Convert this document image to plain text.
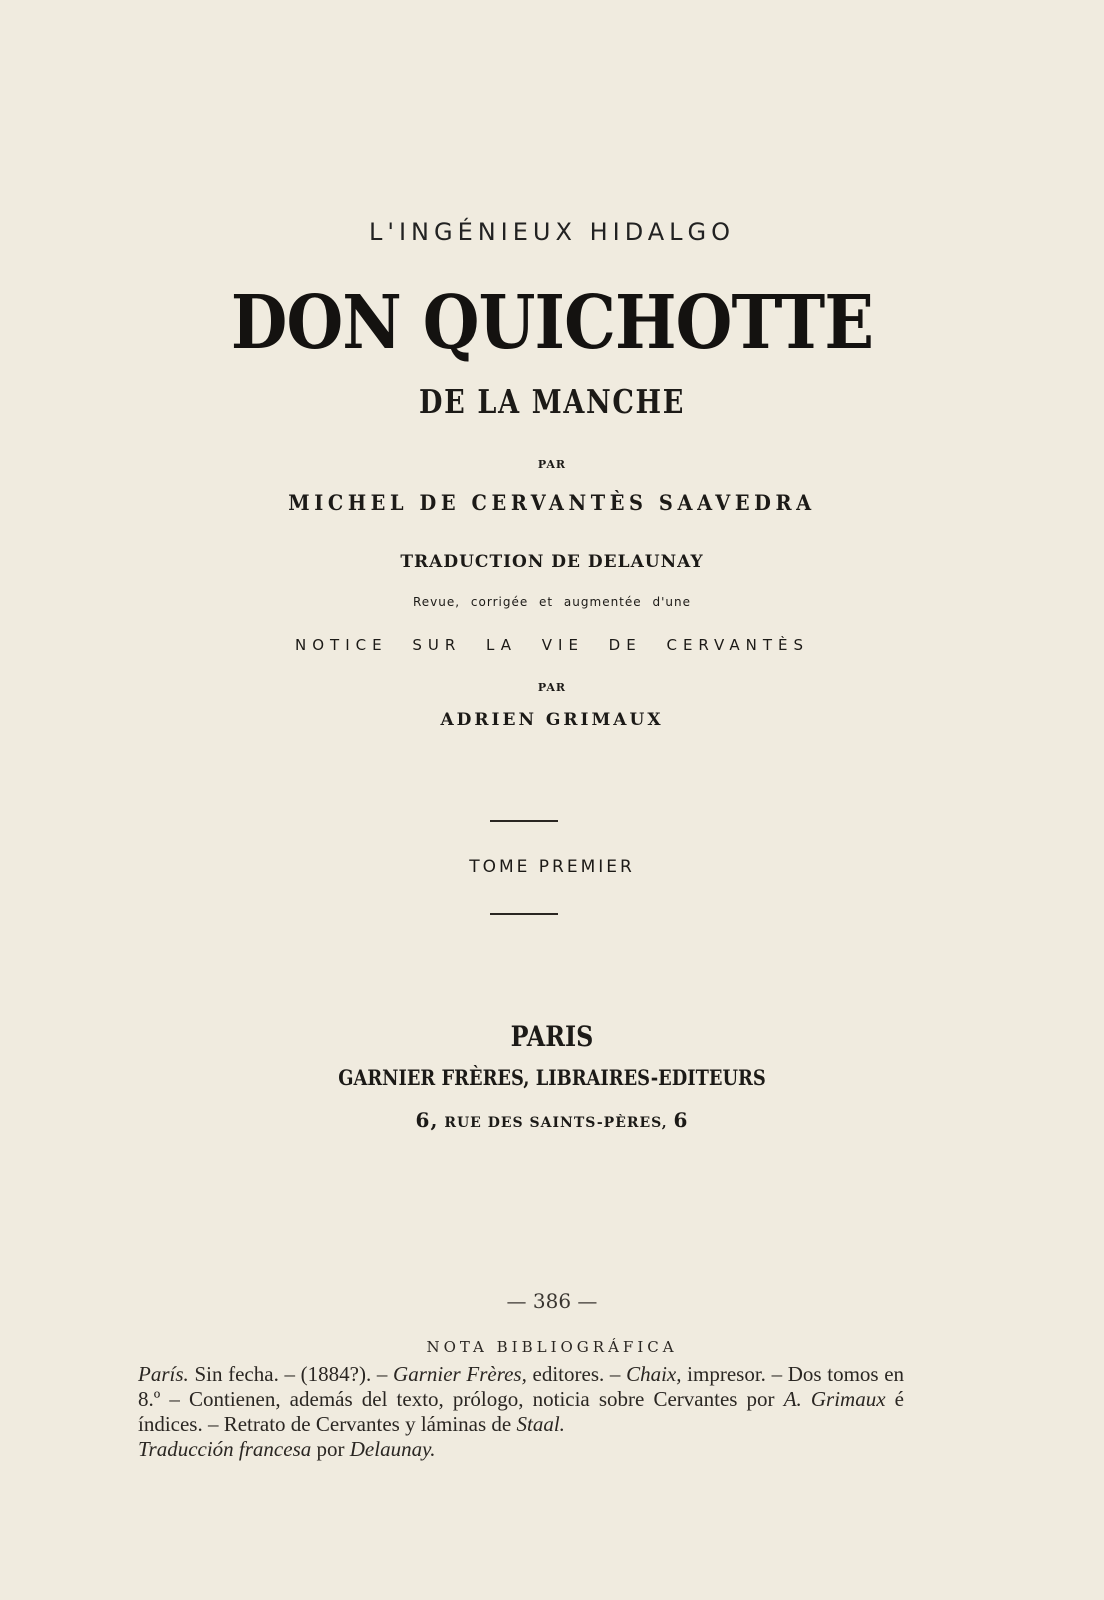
L'INGÉNIEUX HIDALGO
DON QUICHOTTE
DE LA MANCHE
PAR
MICHEL DE CERVANTÈS SAAVEDRA
TRADUCTION DE DELAUNAY
Revue, corrigée et augmentée d'une
NOTICE SUR LA VIE DE CERVANTÈS
PAR
ADRIEN GRIMAUX
TOME PREMIER
PARIS
GARNIER FRÈRES, LIBRAIRES-EDITEURS
6, RUE DES SAINTS-PÈRES, 6
— 386 —
NOTA BIBLIOGRÁFICA
París. Sin fecha. – (1884?). – Garnier Frères, editores. – Chaix, impresor. – Dos tomos en 8.º – Contienen, además del texto, prólogo, noticia sobre Cervantes por A. Grimaux é índices. – Retrato de Cervantes y láminas de Staal.
Traducción francesa por Delaunay.
